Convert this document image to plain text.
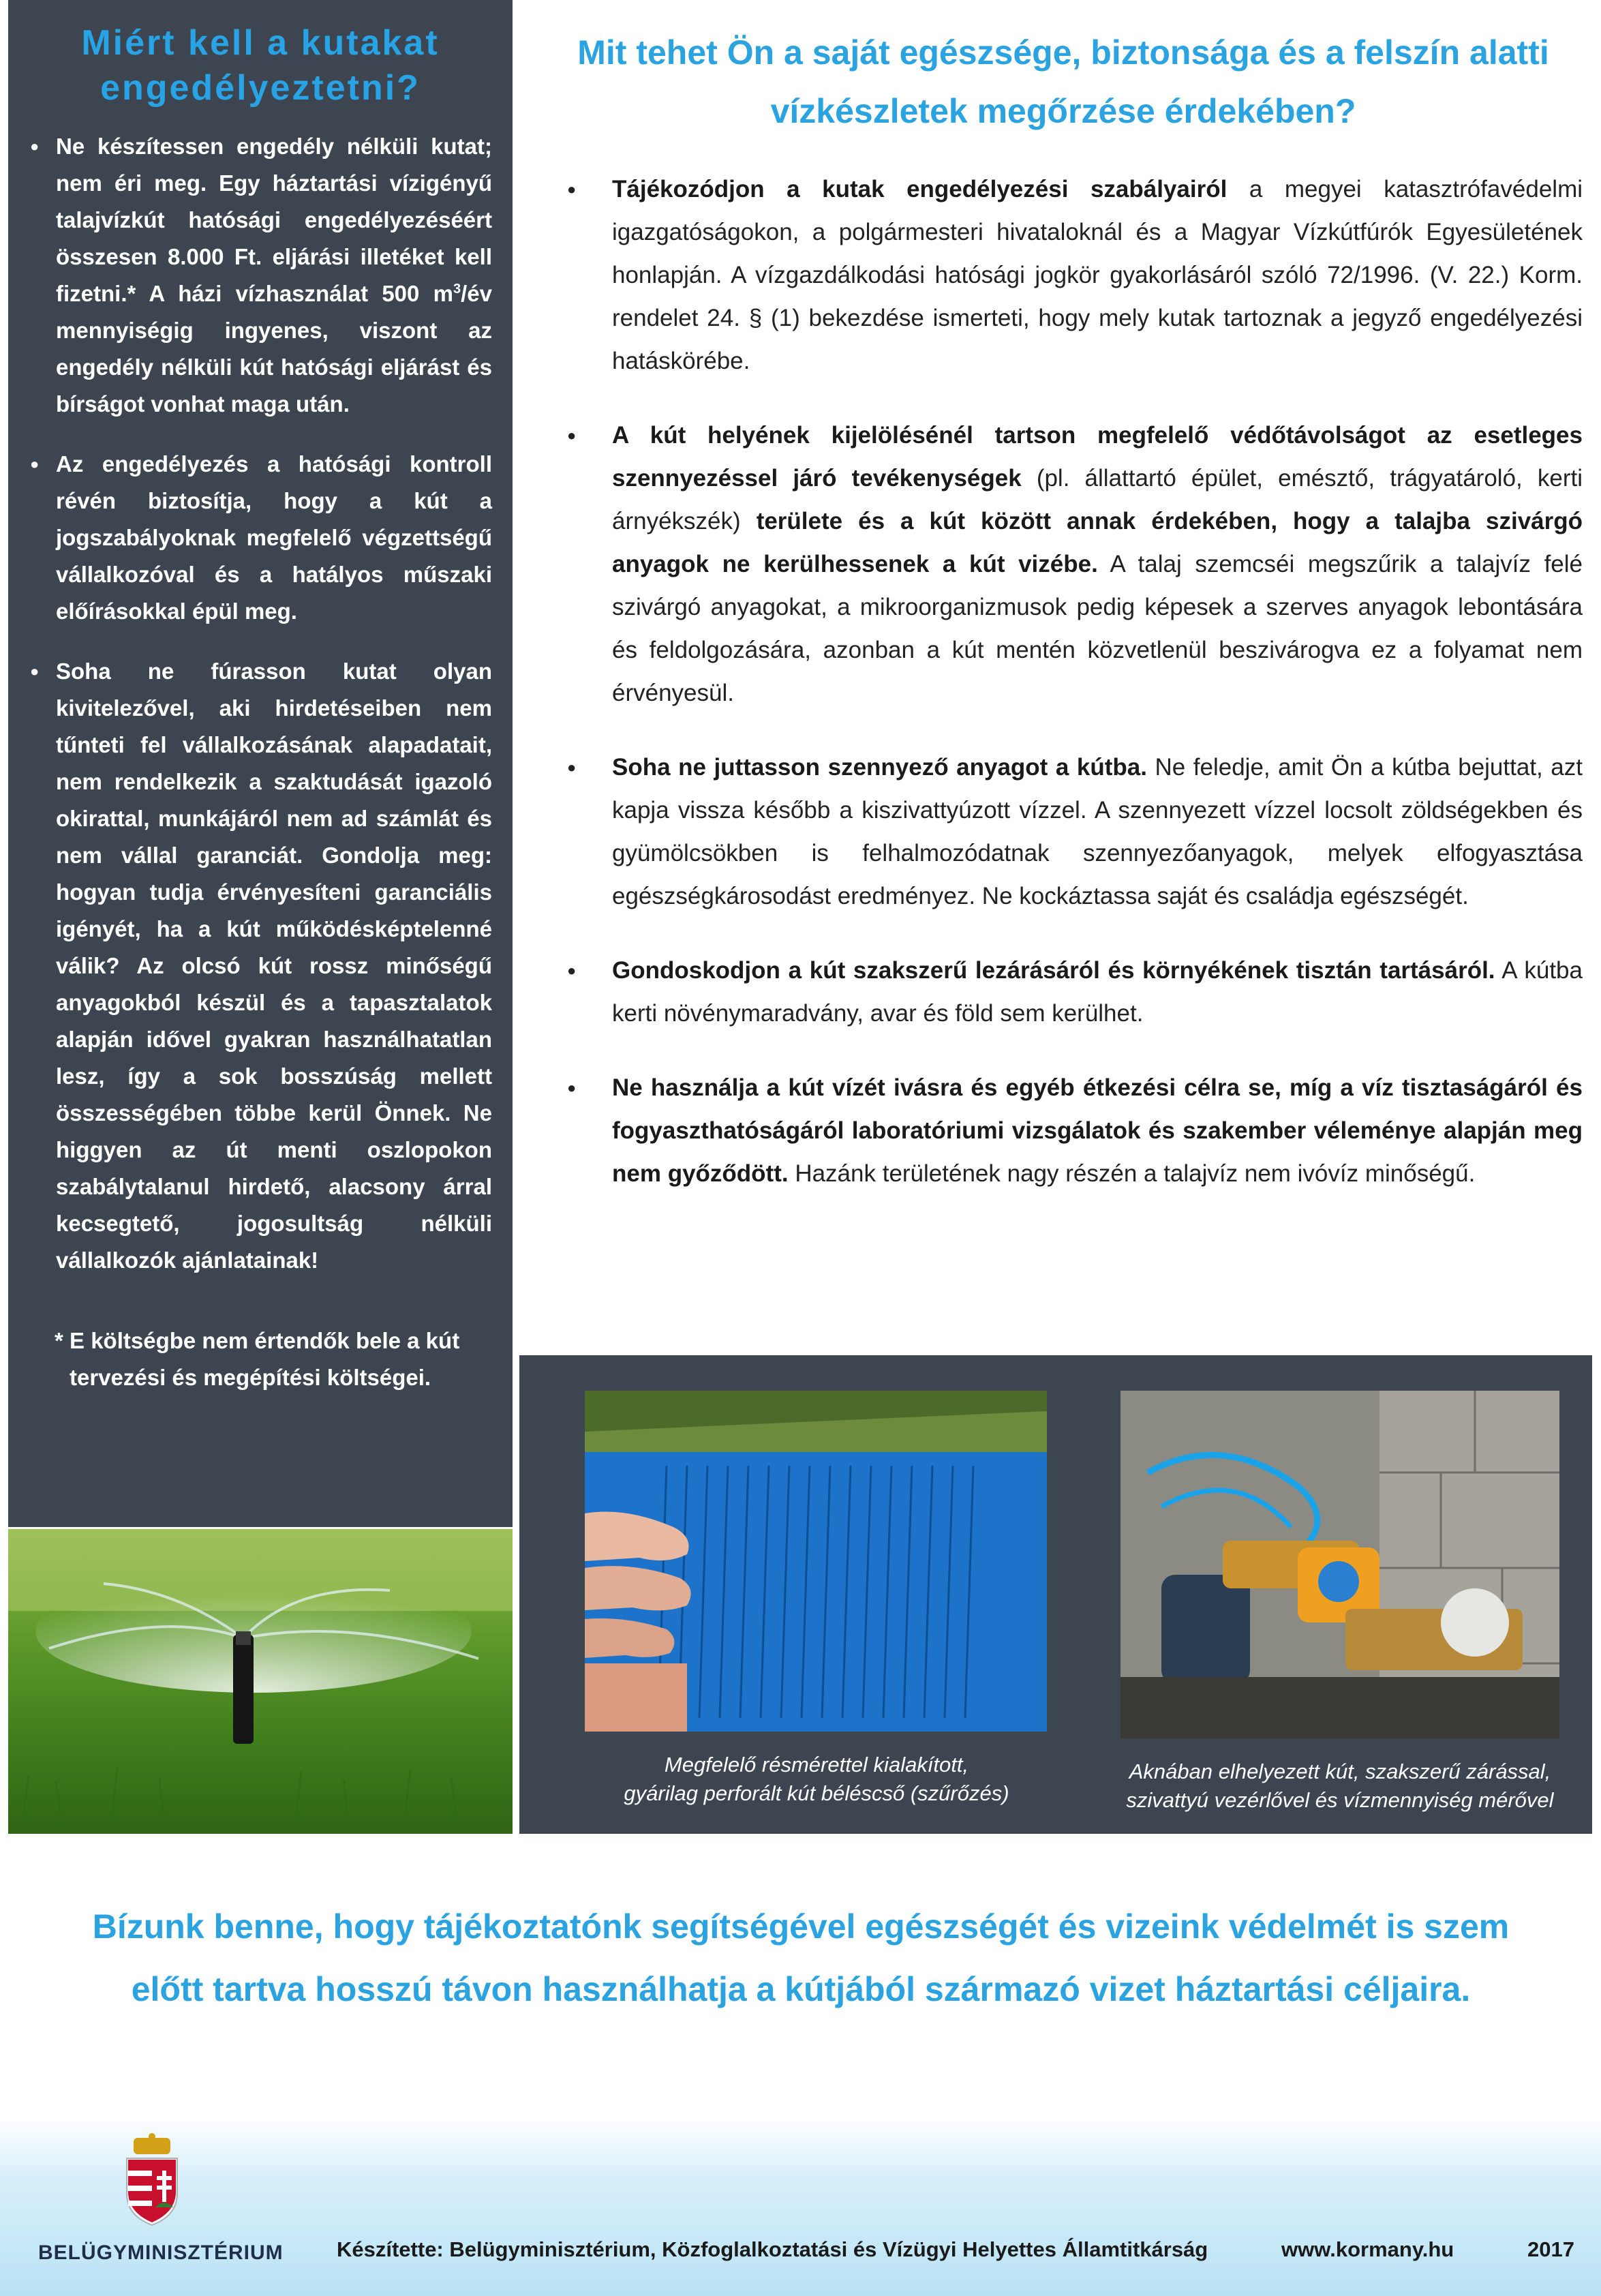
Miért kell a kutakat engedélyeztetni?
● Ne készítessen engedély nélküli kutat; nem éri meg. Egy háztartási vízigényű talajvízkút hatósági engedélyezéséért összesen 8.000 Ft. eljárási illetéket kell fizetni.* A házi vízhasználat 500 $m^3/év$ mennyiségig ingyenes, viszont az engedély nélküli kút hatósági eljárást és bírságot vonhat maga után.
● Az engedélyezés a hatósági kontroll révén biztosítja, hogy a kút a jogszabályoknak megfelelő végzettségű vállalkozóval és a hatályos műszaki előírásokkal épül meg.
● Soha ne fúrasson kutat olyan kivitelezővel, aki hirdetéseiben nem tűnteti fel vállalkozásának alapadatait, nem rendelkezik a szaktudását igazoló okirattal, munkájáról nem ad számlát és nem vállal garanciát. Gondolja meg: hogyan tudja érvényesíteni garanciális igényét, ha a kút működésképtelenné válik? Az olcsó kút rossz minőségű anyagokból készül és a tapasztalatok alapján idővel gyakran használhatatlan lesz, így a sok bosszúság mellett összességében többe kerül Önnek. Ne higgyen az út menti oszlopokon szabálytalanul hirdető, alacsony árral kecsegtető, jogosultság nélküli vállalkozók ajánlatainak!

* E költségbe nem értendők bele a kút tervezési és megépítési költségei.

Mit tehet Ön a saját egészsége, biztonsága és a felszín alatti vízkészletek megőrzése érdekében?
● Tájékozódjon a kutak engedélyezési szabályairól a megyei katasztrófavédelmi igazgatóságokon, a polgármesteri hivataloknál és a Magyar Vízkútfúrók Egyesületének honlapján. A vízgazdálkodási hatósági jogkör gyakorlásáról szóló 72/1996. (V. 22.) Korm. rendelet 24. § (1) bekezdése ismerteti, hogy mely kutak tartoznak a jegyző engedélyezési hatáskörébe.
● A kút helyének kijelölésénél tartson megfelelő védőtávolságot az esetleges szennyezéssel járó tevékenységek (pl. állattartó épület, emésztő, trágyatároló, kerti árnyékszék) területe és a kút között annak érdekében, hogy a talajba szivárgó anyagok ne kerülhessenek a kút vizébe. A talaj szemcséi megszűrik a talajvíz felé szivárgó anyagokat, a mikroorganizmusok pedig képesek a szerves anyagok lebontására és feldolgozására, azonban a kút mentén közvetlenül beszivárogva ez a folyamat nem érvényesül.
● Soha ne juttasson szennyező anyagot a kútba. Ne feledje, amit Ön a kútba bejuttat, azt kapja vissza később a kiszivattyúzott vízzel. A szennyezett vízzel locsolt zöldségekben és gyümölcsökben is felhalmozódatnak szennyezőanyagok, melyek elfogyasztása egészségkárosodást eredményez. Ne kockáztassa saját és családja egészségét.
● Gondoskodjon a kút szakszerű lezárásáról és környékének tisztán tartásáról. A kútba kerti növénymaradvány, avar és föld sem kerülhet.
● Ne használja a kút vízét ivásra és egyéb étkezési célra se, míg a víz tisztaságáról és fogyaszthatóságáról laboratóriumi vizsgálatok és szakember véleménye alapján meg nem győződött. Hazánk területének nagy részén a talajvíz nem ivóvíz minőségű.
Megfelelő résmérettel kialakított,
gyárilag perforált kút béléscső (szűrőzés)
Aknában elhelyezett kút, szakszerű zárással,
szivattyú vezérlővel és vízmennyiség mérővel
Bízunk benne, hogy tájékoztatónk segítségével egészségét és vizeink védelmét is szem
előtt tartva hosszú távon használhatja a kútjából származó vizet háztartási céljaira.
BELÜGYMINISZTÉRIUM	Készítette: Belügyminisztérium, Közfoglalkoztatási és Vízügyi Helyettes Államtitkárság	www.kormany.hu	2017
